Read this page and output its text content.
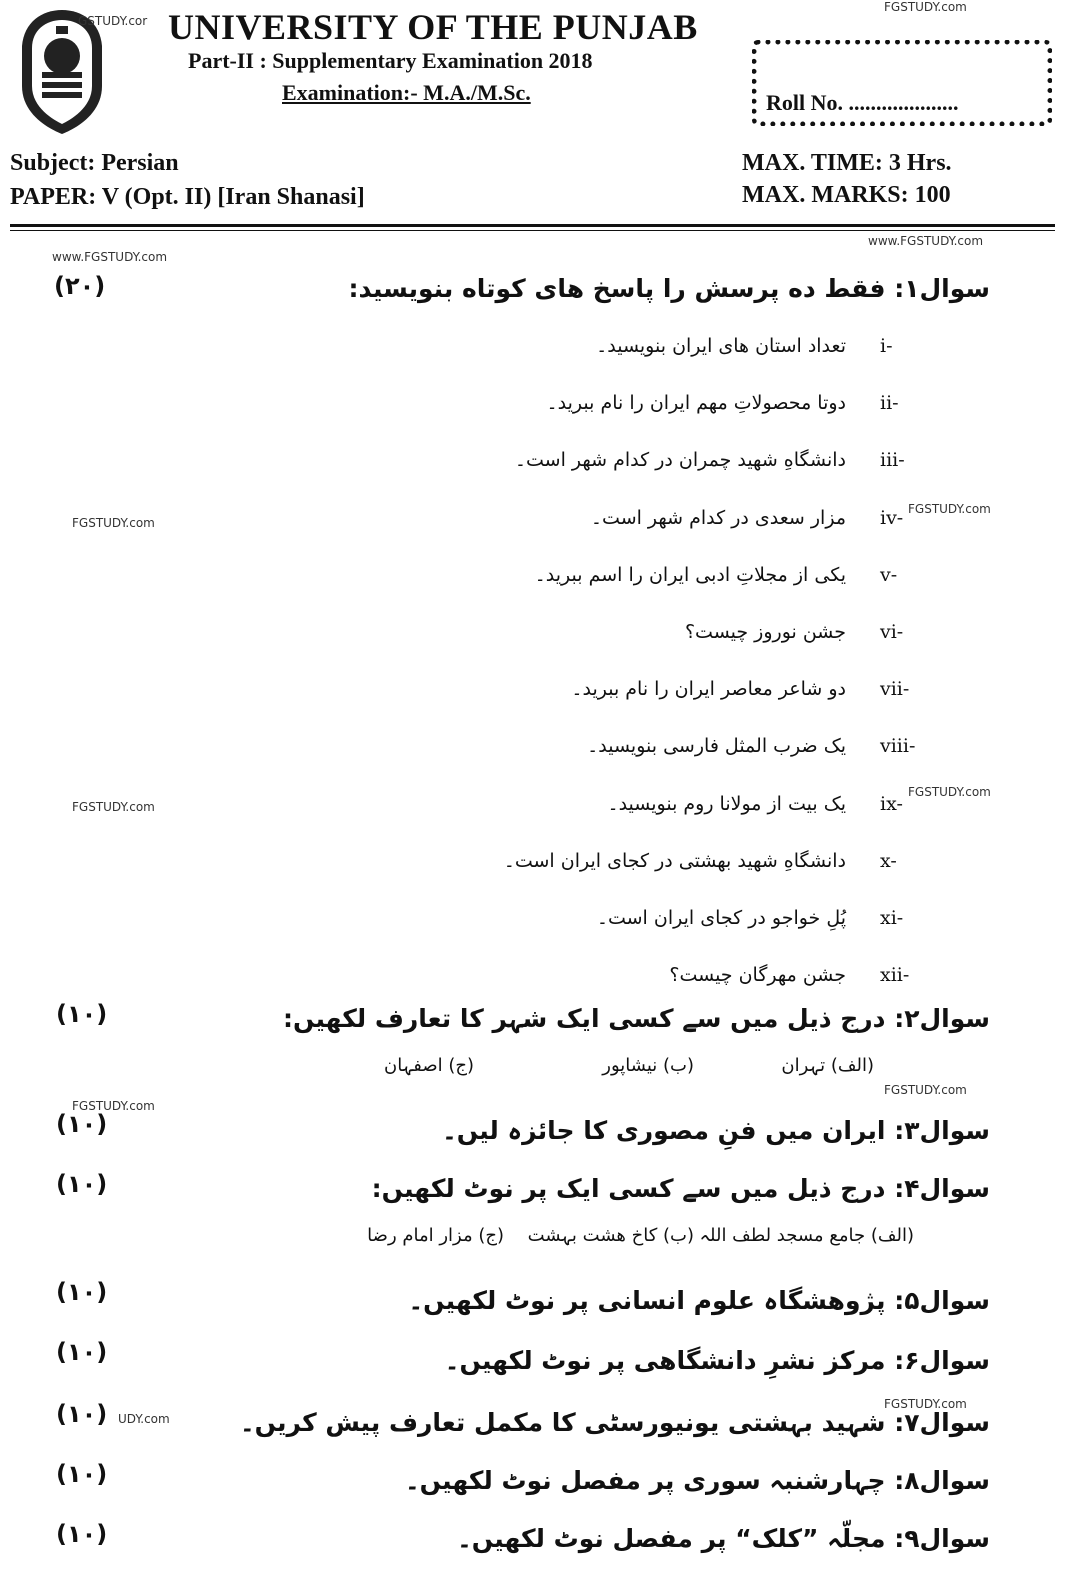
GSTUDY.cor
FGSTUDY.com
UNIVERSITY OF THE PUNJAB
Part-II : Supplementary Examination 2018
Examination:- M.A./M.Sc.	Roll No. ....................
Subject: Persian
PAPER: V (Opt. II) [Iran Shanasi]
MAX. TIME: 3 Hrs.
MAX. MARKS: 100
www.FGSTUDY.com
www.FGSTUDY.com
FGSTUDY.com
FGSTUDY.com
FGSTUDY.com
FGSTUDY.com
FGSTUDY.com
FGSTUDY.com
FGSTUDY.com
UDY.com
(۲۰)	سوال۱: فقط ده پرسش را پاسخ های کوتاه بنویسید:
i-
تعداد استان های ایران بنویسید۔
ii-
دوتا محصولاتِ مهم ایران را نام ببرید۔
iii-
دانشگاهِ شهید چمران در کدام شهر است۔
iv-
مزار سعدی در کدام شهر است۔
v-
یکی از مجلاتِ ادبی ایران را اسم ببرید۔
vi-
جشن نوروز چیست؟
vii-
دو شاعر معاصر ایران را نام ببرید۔
viii-
یک ضرب المثل فارسی بنویسید۔
ix-
یک بیت از مولانا روم بنویسید۔
x-
دانشگاهِ شهید بهشتی در کجای ایران است۔
xi-
پُلِ خواجو در کجای ایران است۔
xii-
جشن مهرگان چیست؟
(۱۰)	سوال۲: درج ذیل میں سے کسی ایک شہر کا تعارف لکھیں:
(الف) تہران
(ب) نیشاپور
(ج) اصفہان
(۱۰)	سوال۳: ایران میں فنِ مصوری کا جائزہ لیں۔
(۱۰)	سوال۴: درج ذیل میں سے کسی ایک پر نوٹ لکھیں:
(الف) جامع مسجد لطف اللہ
(ب) کاخ ھشت بہشت
(ج) مزار امام رضا
(۱۰)	سوال۵: پژوھشگاہ علوم انسانی پر نوٹ لکھیں۔
(۱۰)	سوال۶: مرکز نشرِ دانشگاھی پر نوٹ لکھیں۔
(۱۰)	سوال۷: شہید بہشتی یونیورسٹی کا مکمل تعارف پیش کریں۔
(۱۰)	سوال۸: چہارشنبہ سوری پر مفصل نوٹ لکھیں۔
(۱۰)	سوال۹: مجلّہ ”کلک“ پر مفصل نوٹ لکھیں۔
